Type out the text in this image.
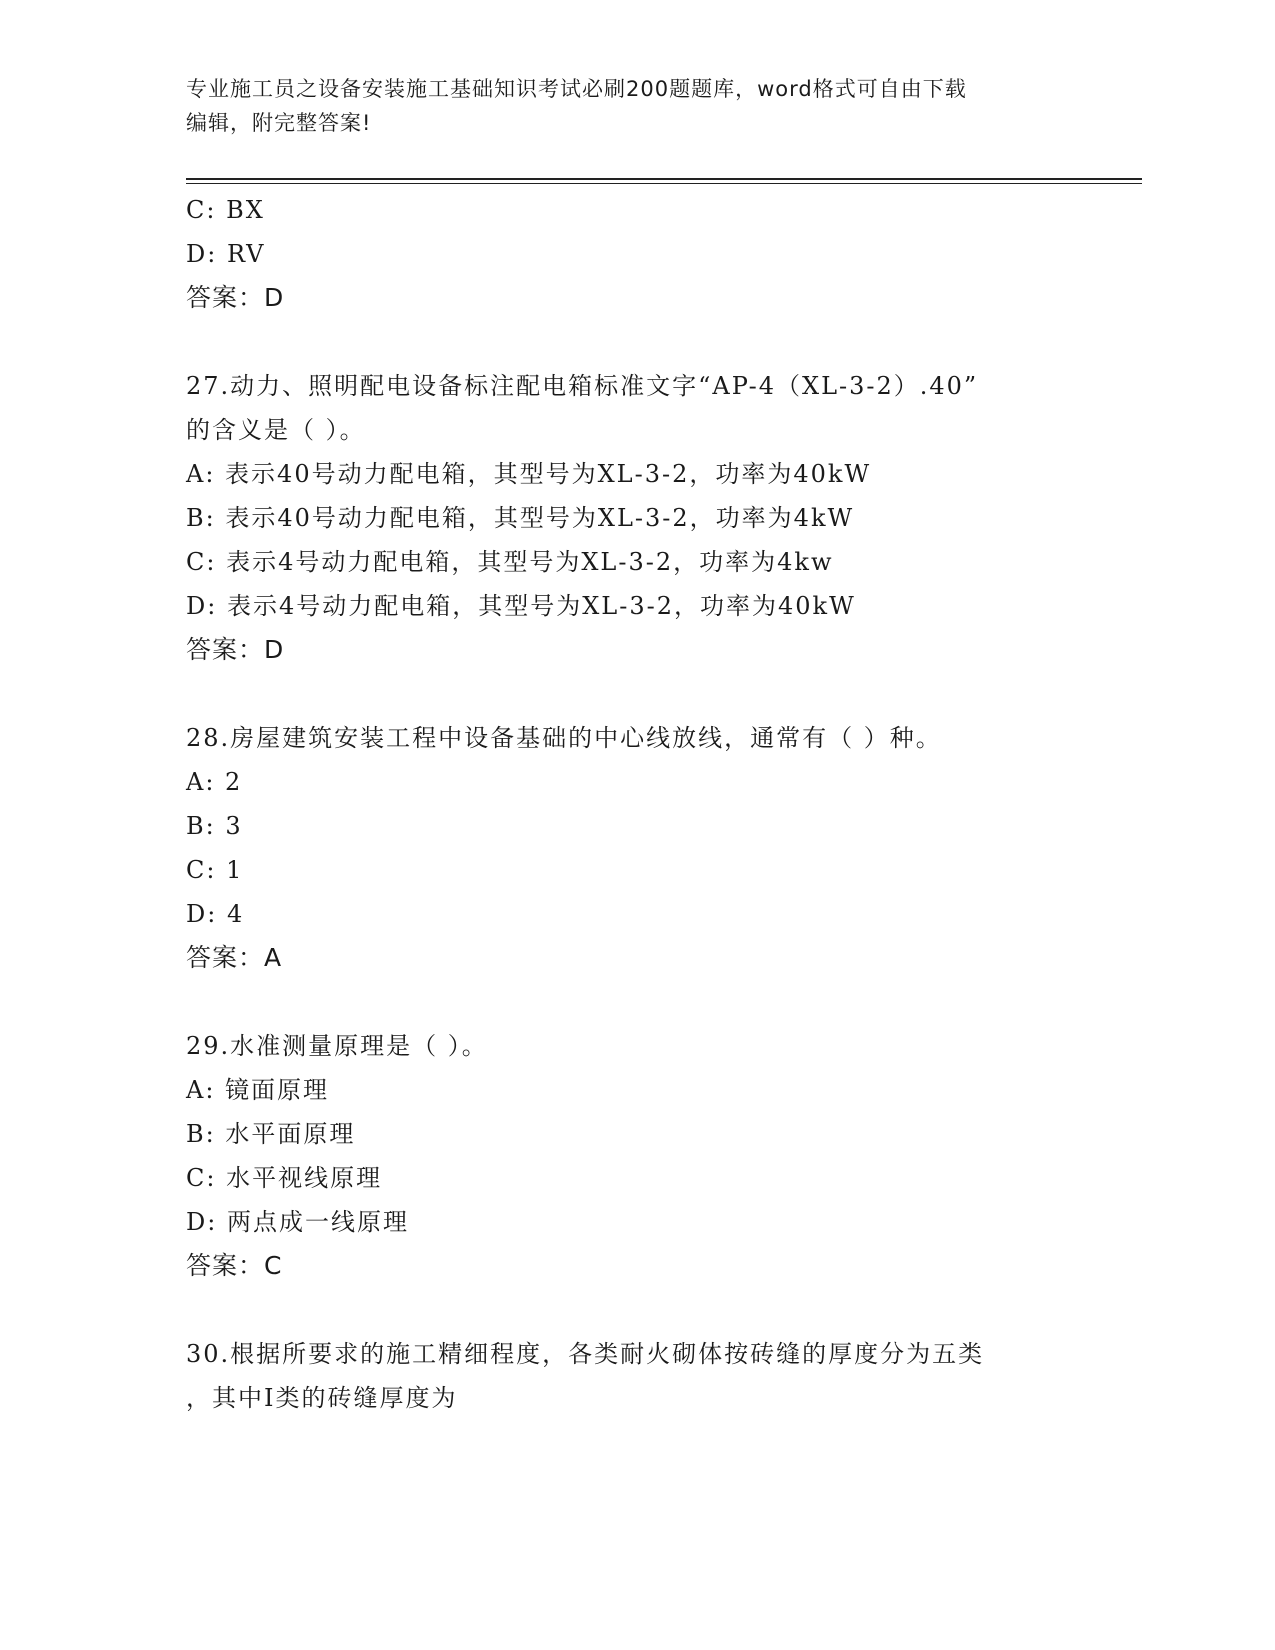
专业施工员之设备安装施工基础知识考试必刷200题题库，word格式可自由下载
编辑，附完整答案!
C: BX
D: RV
答案：D
27.动力、照明配电设备标注配电箱标准文字“AP-4（XL-3-2）.40”
的含义是（ ）。
A: 表示40号动力配电箱，其型号为XL-3-2，功率为40kW
B: 表示40号动力配电箱，其型号为XL-3-2，功率为4kW
C: 表示4号动力配电箱，其型号为XL-3-2，功率为4kw
D: 表示4号动力配电箱，其型号为XL-3-2，功率为40kW
答案：D
28.房屋建筑安装工程中设备基础的中心线放线，通常有（ ）种。
A: 2
B: 3
C: 1
D: 4
答案：A
29.水准测量原理是（ ）。
A: 镜面原理
B: 水平面原理
C: 水平视线原理
D: 两点成一线原理
答案：C
30.根据所要求的施工精细程度，各类耐火砌体按砖缝的厚度分为五类
，其中I类的砖缝厚度为
